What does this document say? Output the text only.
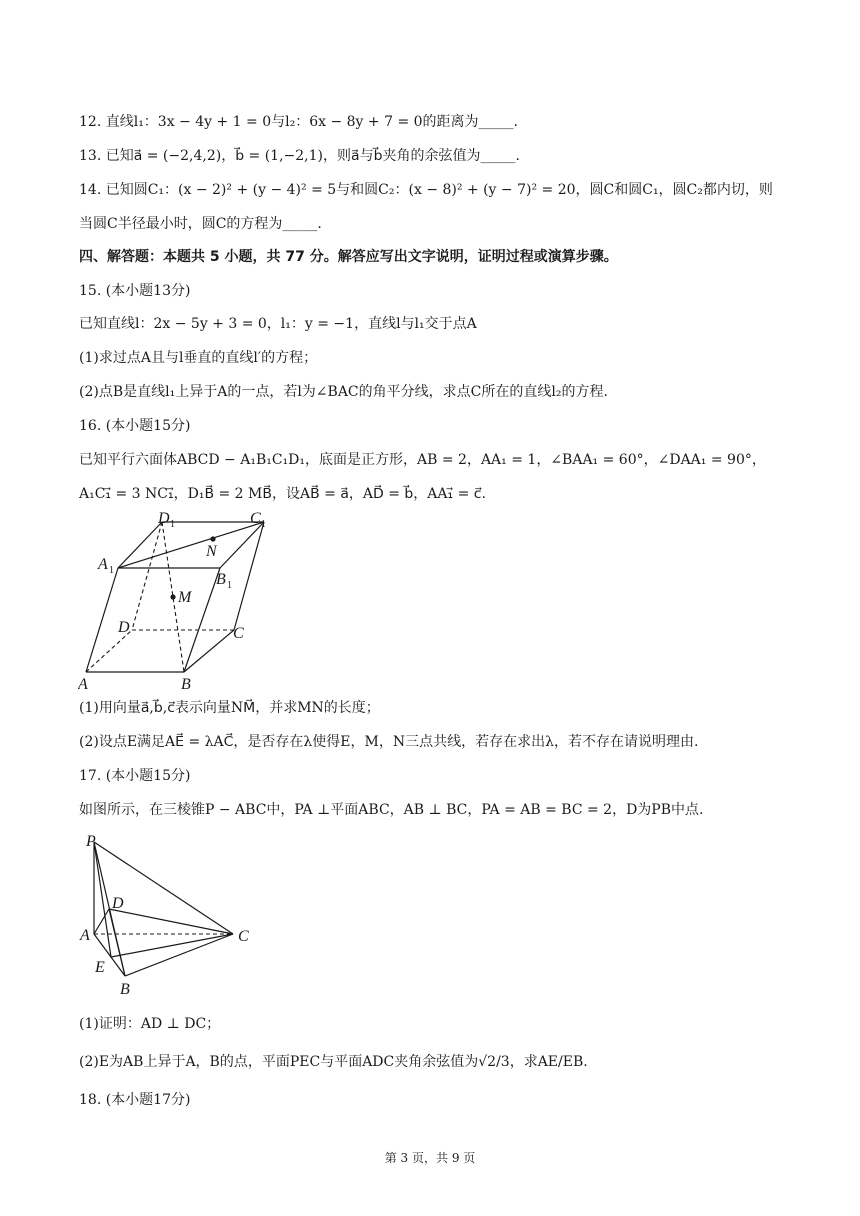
12. 直线l₁：3x − 4y + 1 = 0与l₂：6x − 8y + 7 = 0的距离为_____.
13. 已知a⃗ = (−2,4,2)，b⃗ = (1,−2,1)，则a⃗与b⃗夹角的余弦值为_____.
14. 已知圆C₁：(x − 2)² + (y − 4)² = 5与和圆C₂：(x − 8)² + (y − 7)² = 20，圆C和圆C₁，圆C₂都内切，则
当圆C半径最小时，圆C的方程为_____.
四、解答题：本题共 5 小题，共 77 分。解答应写出文字说明，证明过程或演算步骤。
15. (本小题13分)
已知直线l：2x − 5y + 3 = 0，l₁：y = −1，直线l与l₁交于点A
(1)求过点A且与l垂直的直线l′的方程；
(2)点B是直线l₁上异于A的一点，若l为∠BAC的角平分线，求点C所在的直线l₂的方程.
16. (本小题15分)
已知平行六面体ABCD − A₁B₁C₁D₁，底面是正方形，AB = 2，AA₁ = 1，∠BAA₁ = 60°，∠DAA₁ = 90°，
A₁C₁⃗ = 3 NC₁⃗，D₁B⃗ = 2 MB⃗，设AB⃗ = a⃗，AD⃗ = b⃗，AA₁⃗ = c⃗.
A	B
C
D
A 1
B 1
C 1
D 1
N
M
(1)用向量a⃗,b⃗,c⃗表示向量NM⃗，并求MN的长度；
(2)设点E满足AE⃗ = λAC⃗，是否存在λ使得E，M，N三点共线，若存在求出λ，若不存在请说明理由.
17. (本小题15分)
如图所示，在三棱锥P − ABC中，PA ⊥平面ABC，AB ⊥ BC，PA = AB = BC = 2，D为PB中点.
P
A
B
C
D
E
(1)证明：AD ⊥ DC；
(2)E为AB上异于A，B的点，平面PEC与平面ADC夹角余弦值为√2/3，求AE/EB.
18. (本小题17分)
第 3 页，共 9 页
